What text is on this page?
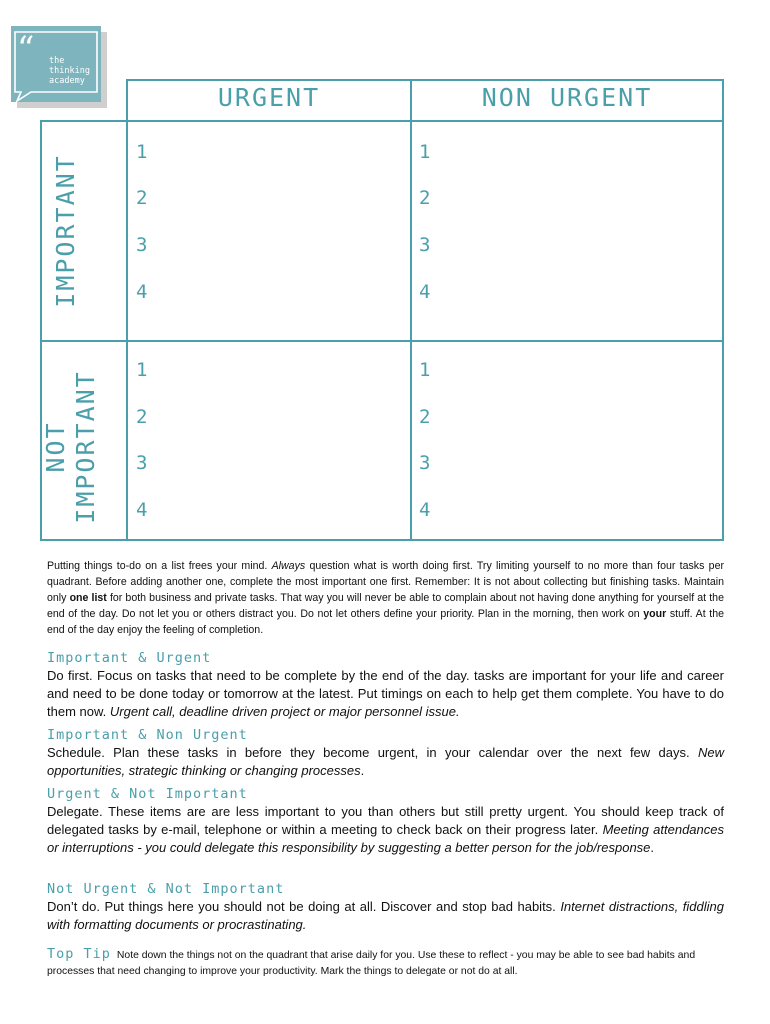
“ the
thinking
academy
URGENT	NON URGENT
IMPORTANT
NOT IMPORTANT
1
2
3
4
1
2
3
4
1
2
3
4
1
2
3
4
Putting things to-do on a list frees your mind. Always question what is worth doing first. Try limiting yourself to no more than four tasks per quadrant. Before adding another one, complete the most important one first. Remember: It is not about collecting but finishing tasks. Maintain only one list for both business and private tasks. That way you will never be able to complain about not having done anything for yourself at the end of the day. Do not let you or others distract you. Do not let others define your priority. Plan in the morning, then work on your stuff. At the end of the day enjoy the feeling of completion.
Important & Urgent

Do first. Focus on tasks that need to be complete by the end of the day. tasks are important for your life and career and need to be done today or tomorrow at the latest. Put timings on each to help get them complete. You have to do them now. Urgent call, deadline driven project or major personnel issue.

Important & Non Urgent

Schedule. Plan these tasks in before they become urgent, in your calendar over the next few days. New opportunities, strategic thinking or changing processes.

Urgent & Not Important

Delegate. These items are are less important to you than others but still pretty urgent. You should keep track of delegated tasks by e-mail, telephone or within a meeting to check back on their progress later. Meeting attendances or interruptions - you could delegate this responsibility by suggesting a better person for the job/response.

Not Urgent & Not Important

Don’t do. Put things here you should not be doing at all. Discover and stop bad habits. Internet distractions, fiddling with formatting documents or procrastinating.

Top Tip Note down the things not on the quadrant that arise daily for you. Use these to reflect - you may be able to see bad habits and processes that need changing to improve your productivity. Mark the things to delegate or not do at all.
